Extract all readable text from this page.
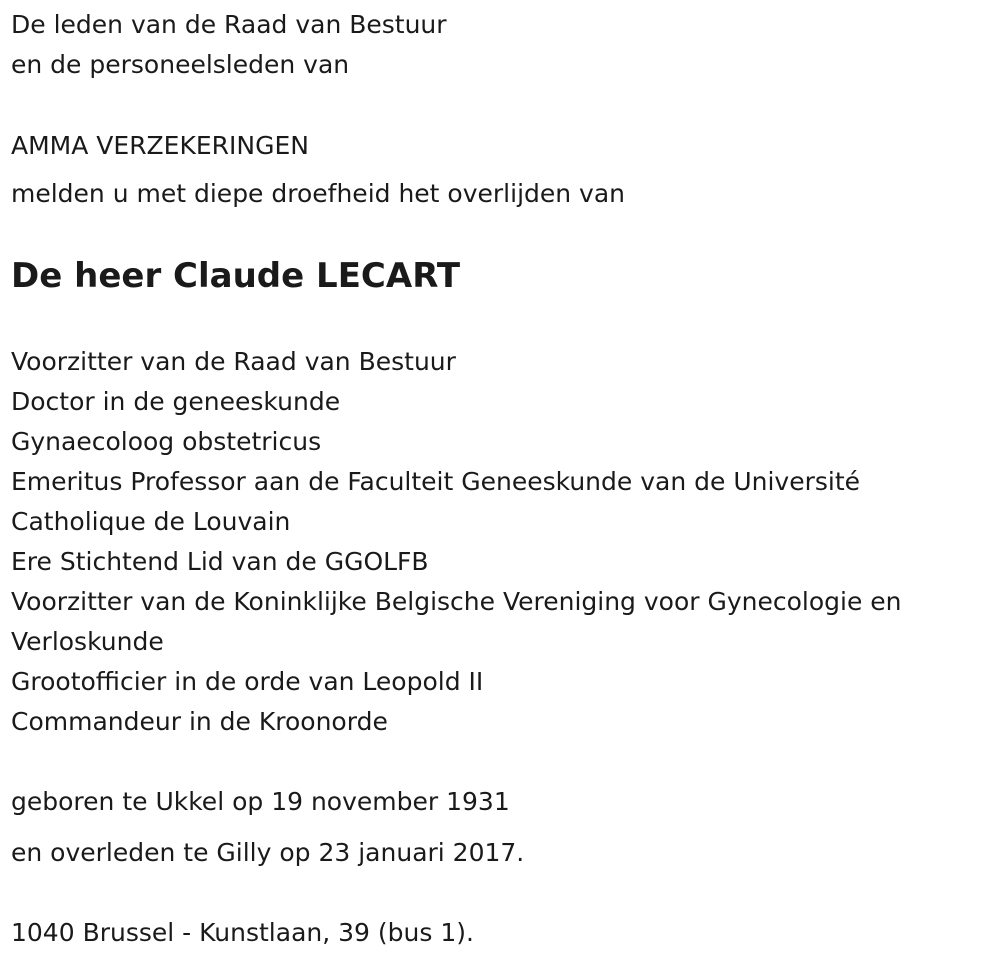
De leden van de Raad van Bestuur

en de personeelsleden van

AMMA VERZEKERINGEN

melden u met diepe droefheid het overlijden van

De heer Claude LECART

Voorzitter van de Raad van Bestuur

Doctor in de geneeskunde

Gynaecoloog obstetricus

Emeritus Professor aan de Faculteit Geneeskunde van de Université

Catholique de Louvain

Ere Stichtend Lid van de GGOLFB

Voorzitter van de Koninklijke Belgische Vereniging voor Gynecologie en

Verloskunde

Grootofficier in de orde van Leopold II

Commandeur in de Kroonorde

geboren te Ukkel op 19 november 1931

en overleden te Gilly op 23 januari 2017.

1040 Brussel - Kunstlaan, 39 (bus 1).
